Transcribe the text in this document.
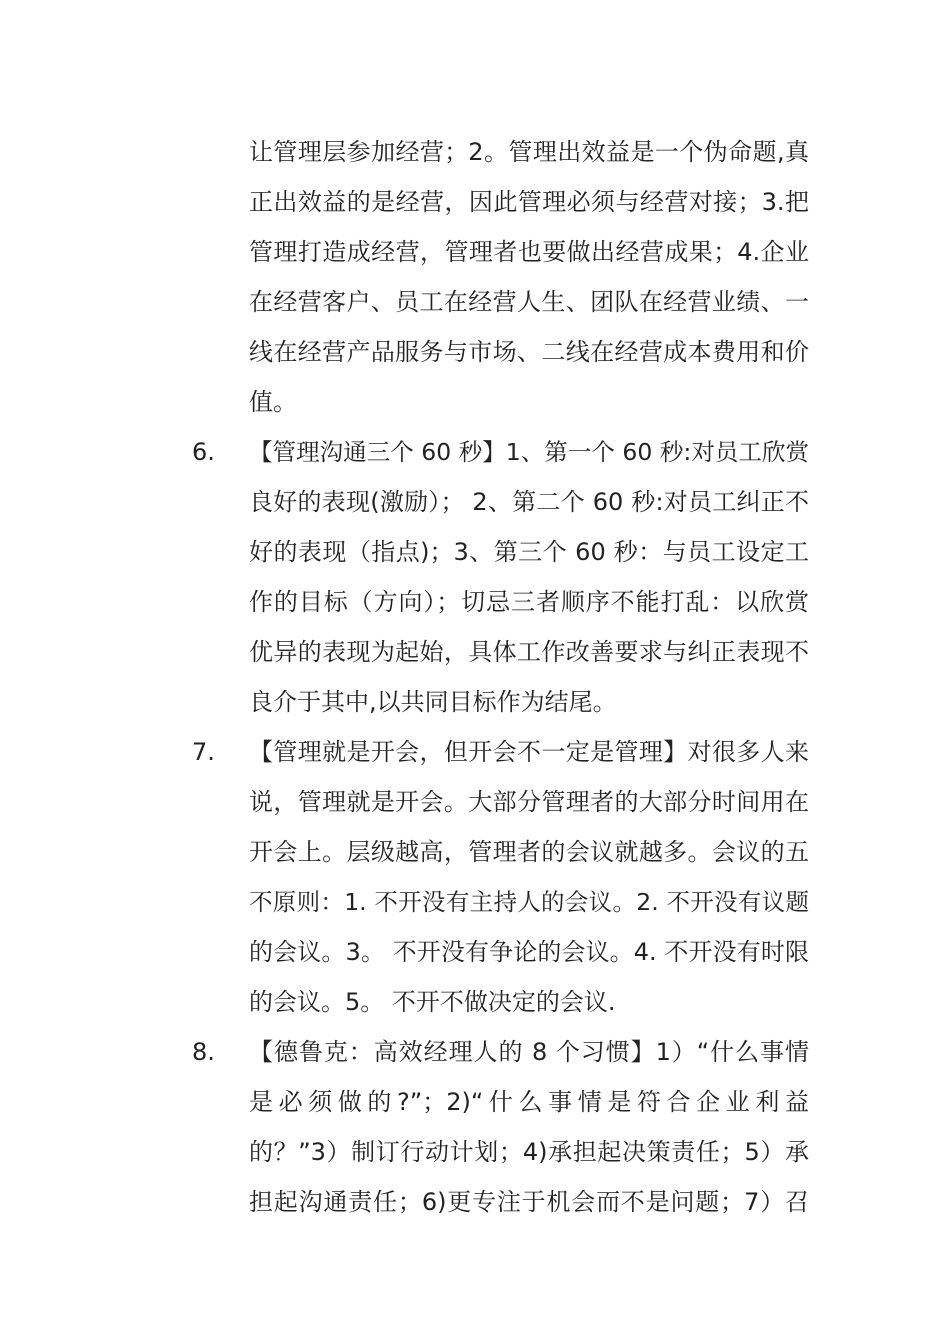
让管理层参加经营；2。管理出效益是一个伪命题,真
正出效益的是经营，因此管理必须与经营对接；3.把
管理打造成经营，管理者也要做出经营成果；4.企业
在经营客户、员工在经营人生、团队在经营业绩、一
线在经营产品服务与市场、二线在经营成本费用和价
值。
6. 【管理沟通三个 60 秒】1、第一个 60 秒:对员工欣赏
良好的表现(激励）； 2、第二个 60 秒:对员工纠正不
好的表现（指点)；3、第三个 60 秒：与员工设定工
作的目标（方向）；切忌三者顺序不能打乱：以欣赏
优异的表现为起始，具体工作改善要求与纠正表现不
良介于其中,以共同目标作为结尾。
7. 【管理就是开会，但开会不一定是管理】对很多人来
说，管理就是开会。大部分管理者的大部分时间用在
开会上。层级越高，管理者的会议就越多。会议的五
不原则：1. 不开没有主持人的会议。2. 不开没有议题
的会议。3。 不开没有争论的会议。4. 不开没有时限
的会议。5。 不开不做决定的会议.
8. 【德鲁克：高效经理人的 8 个习惯】1）“什么事情
是必须做的?”；2)“什么事情是符合企业利益
的？”3）制订行动计划；4)承担起决策责任；5）承
担起沟通责任；6)更专注于机会而不是问题；7）召
